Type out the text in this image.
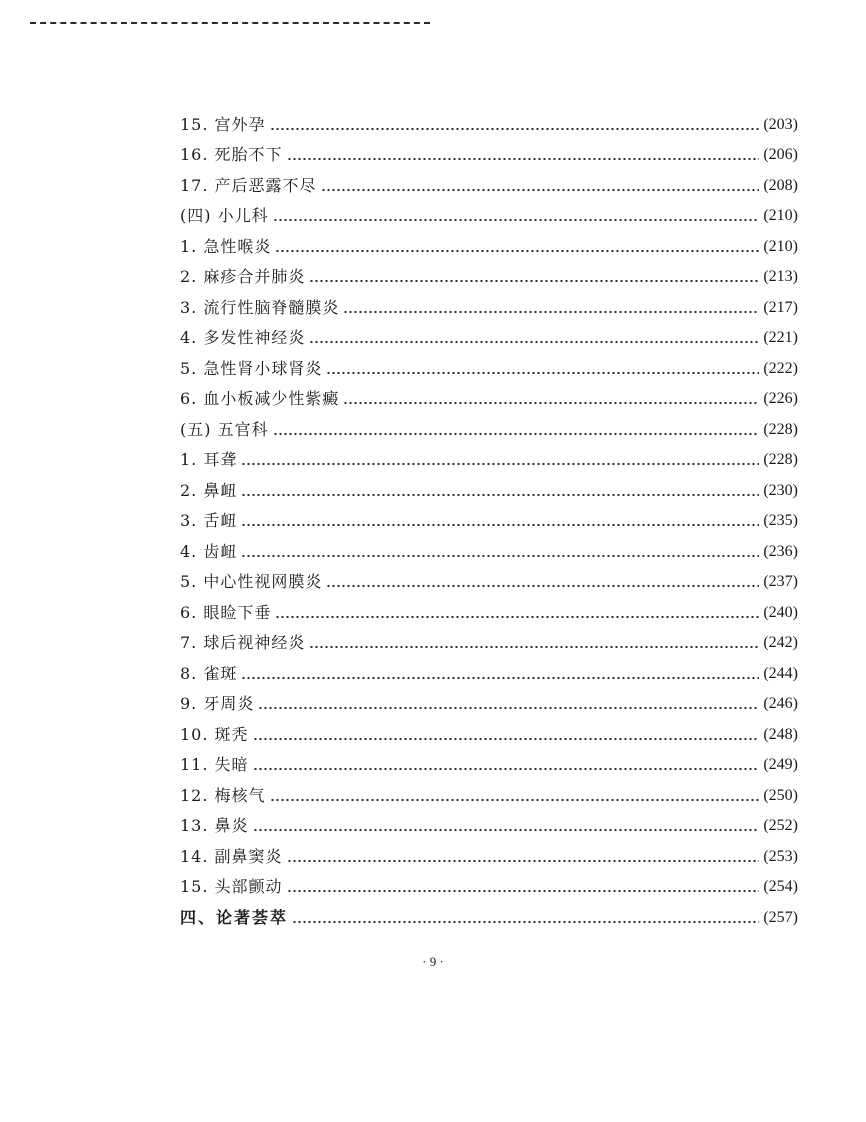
15. 宫外孕	(203)
16. 死胎不下	(206)
17. 产后恶露不尽	(208)
(四) 小儿科	(210)
1. 急性喉炎	(210)
2. 麻疹合并肺炎	(213)
3. 流行性脑脊髓膜炎	(217)
4. 多发性神经炎	(221)
5. 急性肾小球肾炎	(222)
6. 血小板减少性紫癜	(226)
(五) 五官科	(228)
1. 耳聋	(228)
2. 鼻衄	(230)
3. 舌衄	(235)
4. 齿衄	(236)
5. 中心性视网膜炎	(237)
6. 眼睑下垂	(240)
7. 球后视神经炎	(242)
8. 雀斑	(244)
9. 牙周炎	(246)
10. 斑秃	(248)
11. 失暗	(249)
12. 梅核气	(250)
13. 鼻炎	(252)
14. 副鼻窦炎	(253)
15. 头部颤动	(254)
四、论著荟萃	(257)
· 9 ·
